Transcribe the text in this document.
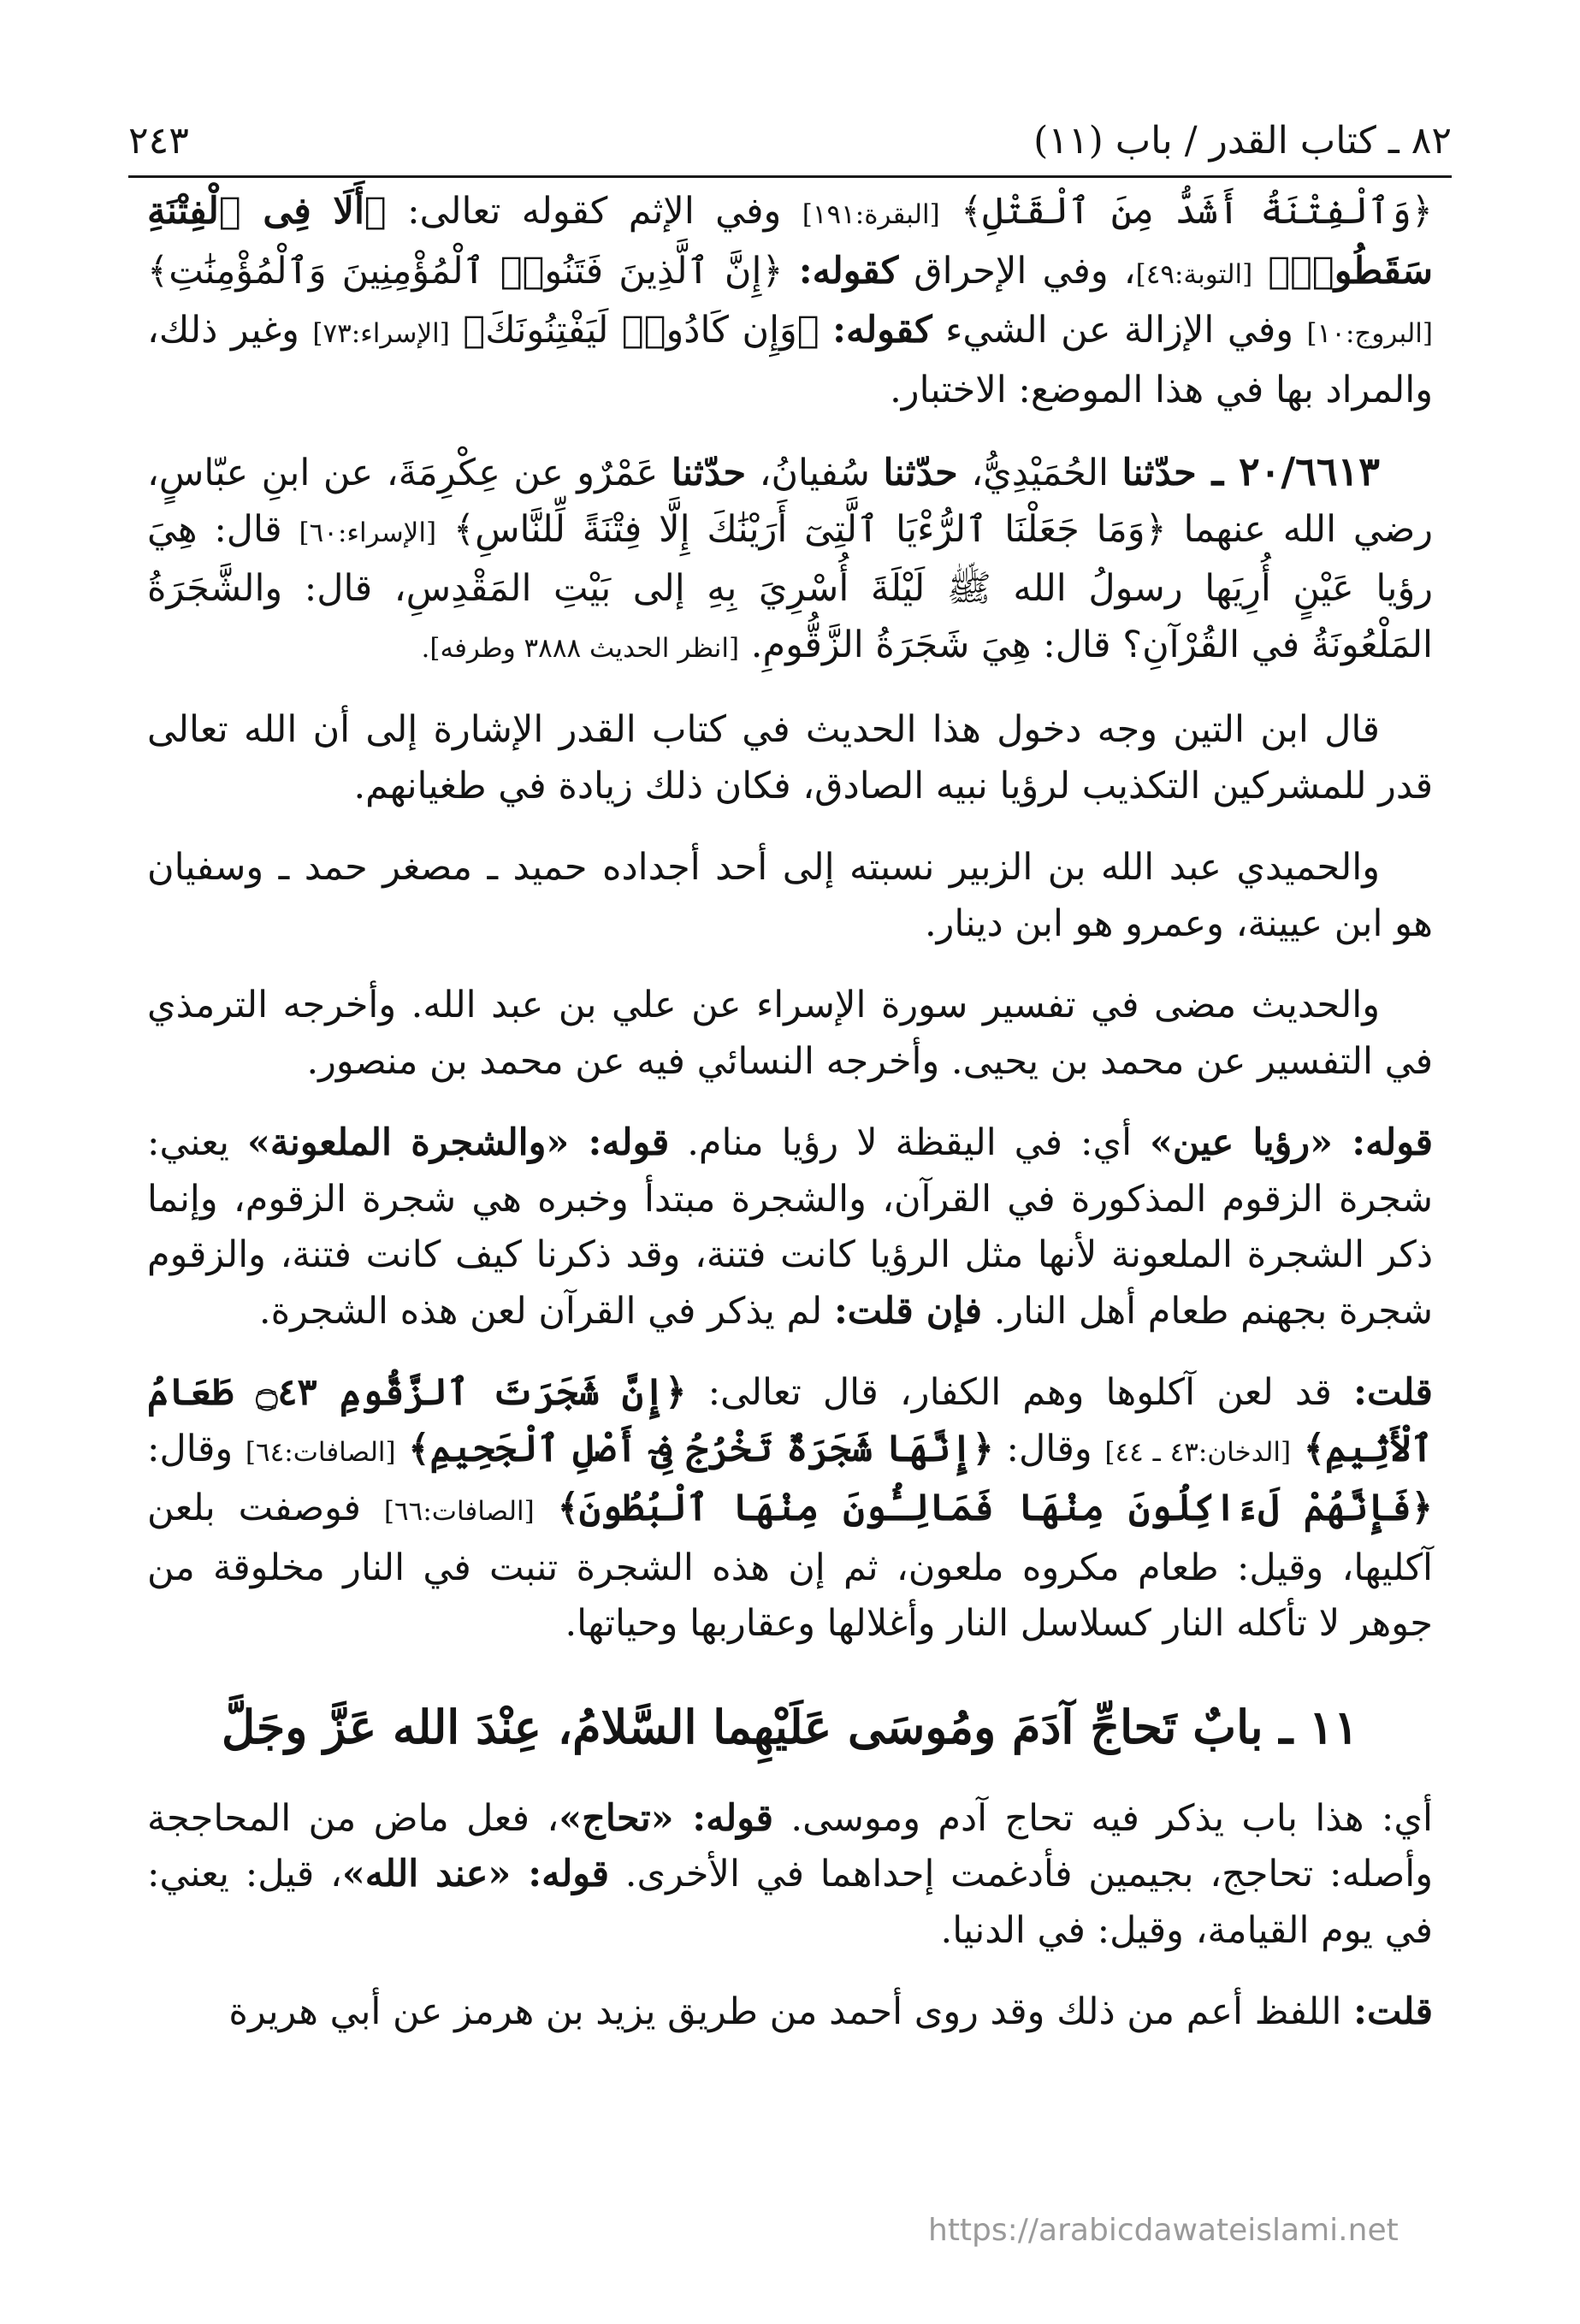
٨٢ ـ كتاب القدر / باب (١١)
٢٤٣

﴿وَٱلْفِتْنَةُ أَشَدُّ مِنَ ٱلْقَتْلِ﴾ [البقرة:١٩١] وفي الإثم كقوله تعالى: ﴿أَلَا فِى ٱلْفِتْنَةِ سَقَطُوا۟﴾ [التوبة:٤٩]، وفي الإحراق كقوله: ﴿إِنَّ ٱلَّذِينَ فَتَنُوا۟ ٱلْمُؤْمِنِينَ وَٱلْمُؤْمِنَٰتِ﴾ [البروج:١٠] وفي الإزالة عن الشيء كقوله: ﴿وَإِن كَادُوا۟ لَيَفْتِنُونَكَ﴾ [الإسراء:٧٣] وغير ذلك، والمراد بها في هذا الموضع: الاختبار.

٢٠/٦٦١٣ ـ حدّثنا الحُمَيْدِيُّ، حدّثنا سُفيانُ، حدّثنا عَمْرٌو عن عِكْرِمَةَ، عن ابنِ عبّاسٍ، رضي الله عنهما ﴿وَمَا جَعَلْنَا ٱلرُّءْيَا ٱلَّتِىٓ أَرَيْنَٰكَ إِلَّا فِتْنَةً لِّلنَّاسِ﴾ [الإسراء:٦٠] قال: هِيَ رؤيا عَيْنٍ أُرِيَها رسولُ الله ﷺ لَيْلَةَ أُسْرِيَ بِهِ إلى بَيْتِ المَقْدِسِ، قال: والشَّجَرَةُ المَلْعُونَةُ في القُرْآنِ؟ قال: هِيَ شَجَرَةُ الزَّقُّومِ. [انظر الحديث ٣٨٨٨ وطرفه].

قال ابن التين وجه دخول هذا الحديث في كتاب القدر الإشارة إلى أن الله تعالى قدر للمشركين التكذيب لرؤيا نبيه الصادق، فكان ذلك زيادة في طغيانهم.

والحميدي عبد الله بن الزبير نسبته إلى أحد أجداده حميد ـ مصغر حمد ـ وسفيان هو ابن عيينة، وعمرو هو ابن دينار.

والحديث مضى في تفسير سورة الإسراء عن علي بن عبد الله. وأخرجه الترمذي في التفسير عن محمد بن يحيى. وأخرجه النسائي فيه عن محمد بن منصور.

قوله: «رؤيا عين» أي: في اليقظة لا رؤيا منام. قوله: «والشجرة الملعونة» يعني: شجرة الزقوم المذكورة في القرآن، والشجرة مبتدأ وخبره هي شجرة الزقوم، وإنما ذكر الشجرة الملعونة لأنها مثل الرؤيا كانت فتنة، وقد ذكرنا كيف كانت فتنة، والزقوم شجرة بجهنم طعام أهل النار. فإن قلت: لم يذكر في القرآن لعن هذه الشجرة.

قلت: قد لعن آكلوها وهم الكفار، قال تعالى: ﴿إِنَّ شَجَرَتَ ٱلزَّقُّومِ ۝٤٣ طَعَامُ ٱلْأَثِيمِ﴾ [الدخان:٤٣ ـ ٤٤] وقال: ﴿إِنَّهَا شَجَرَةٌ تَخْرُجُ فِىٓ أَصْلِ ٱلْجَحِيمِ﴾ [الصافات:٦٤] وقال: ﴿فَإِنَّهُمْ لَءَاكِلُونَ مِنْهَا فَمَالِـُٔونَ مِنْهَا ٱلْبُطُونَ﴾ [الصافات:٦٦] فوصفت بلعن آكليها، وقيل: طعام مكروه ملعون، ثم إن هذه الشجرة تنبت في النار مخلوقة من جوهر لا تأكله النار كسلاسل النار وأغلالها وعقاربها وحياتها.

١١ ـ بابٌ تَحاجِّ آدَمَ ومُوسَى عَلَيْهِما السَّلامُ، عِنْدَ الله عَزَّ وجَلَّ

أي: هذا باب يذكر فيه تحاج آدم وموسى. قوله: «تحاج»، فعل ماض من المحاججة وأصله: تحاجج، بجيمين فأدغمت إحداهما في الأخرى. قوله: «عند الله»، قيل: يعني: في يوم القيامة، وقيل: في الدنيا.

قلت: اللفظ أعم من ذلك وقد روى أحمد من طريق يزيد بن هرمز عن أبي هريرة

https://arabicdawateislami.net
